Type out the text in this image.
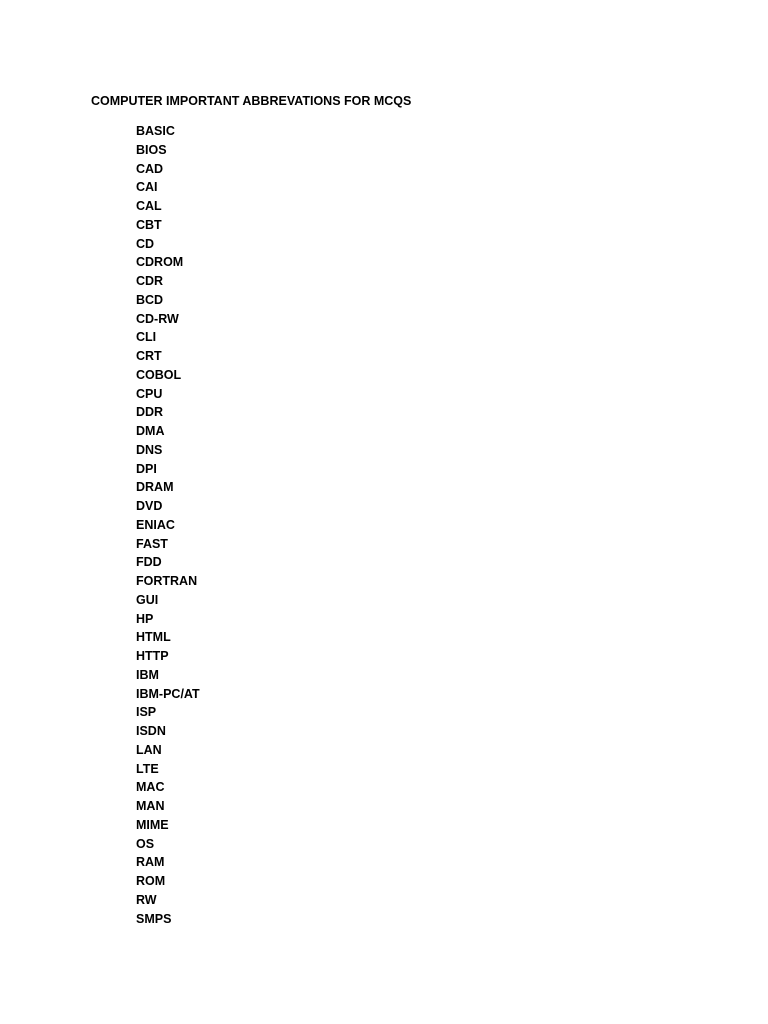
COMPUTER IMPORTANT ABBREVATIONS FOR MCQS
BASIC
BIOS
CAD
CAI
CAL
CBT
CD
CDROM
CDR
BCD
CD-RW
CLI
CRT
COBOL
CPU
DDR
DMA
DNS
DPI
DRAM
DVD
ENIAC
FAST
FDD
FORTRAN
GUI
HP
HTML
HTTP
IBM
IBM-PC/AT
ISP
ISDN
LAN
LTE
MAC
MAN
MIME
OS
RAM
ROM
RW
SMPS
